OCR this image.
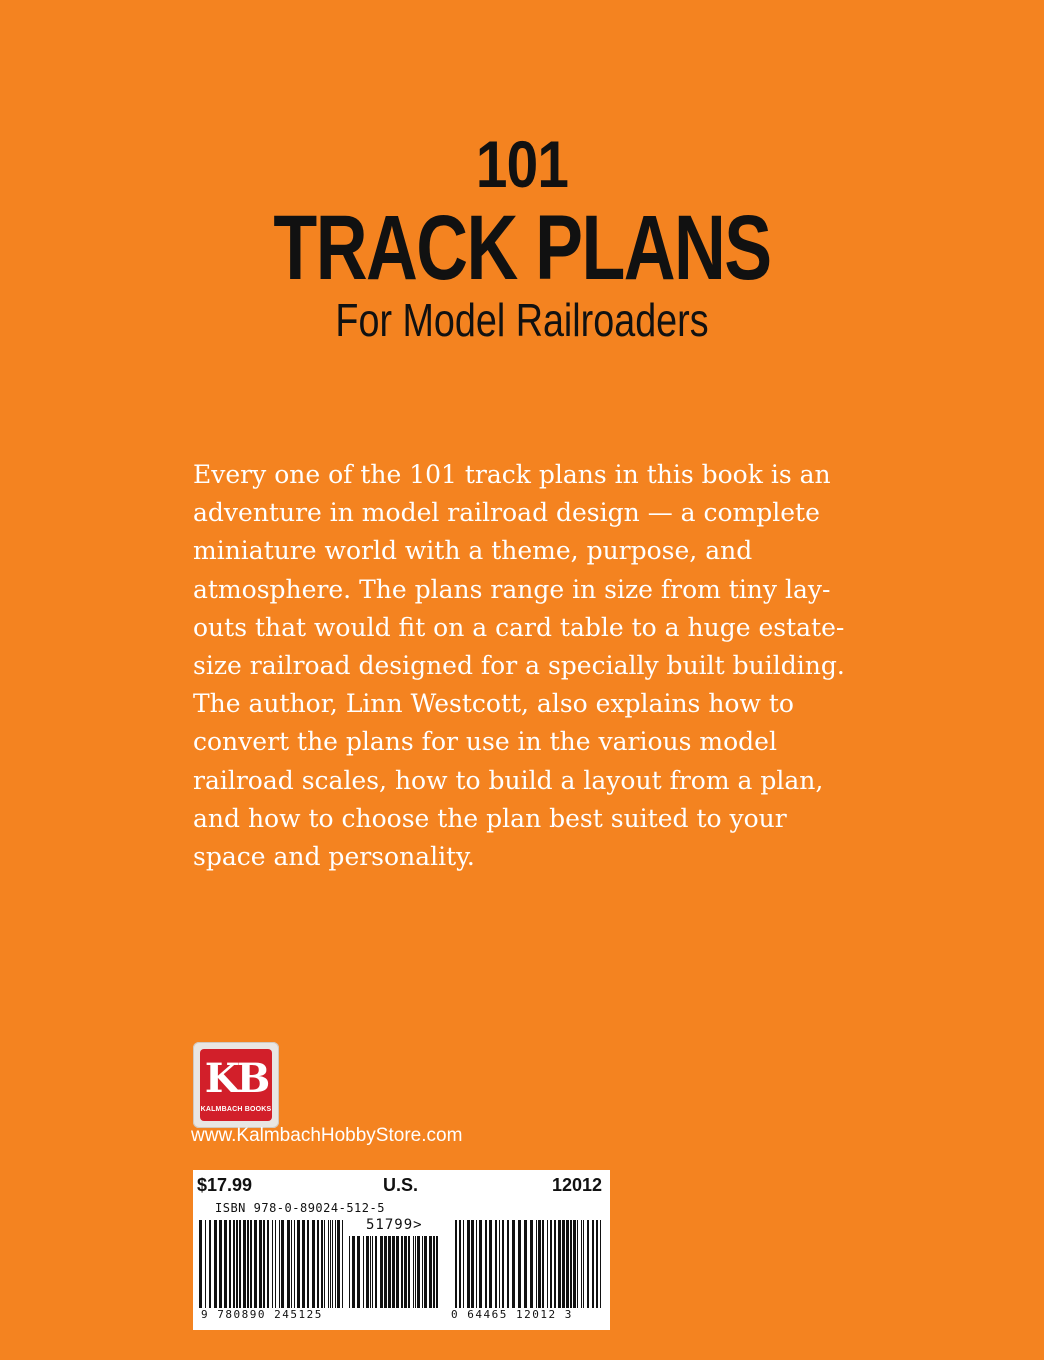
101
TRACK PLANS
For Model Railroaders

Every one of the 101 track plans in this book is an
adventure in model railroad design — a complete
miniature world with a theme, purpose, and
atmosphere. The plans range in size from tiny lay-
outs that would fit on a card table to a huge estate-
size railroad designed for a specially built building.
The author, Linn Westcott, also explains how to
convert the plans for use in the various model
railroad scales, how to build a layout from a plan,
and how to choose the plan best suited to your
space and personality.

KB
KALMBACH BOOKS
www.KalmbachHobbyStore.com
$17.99	U.S.	12012
ISBN 978-0-89024-512-5
51799>
9 780890 245125	0 64465 12012 3
